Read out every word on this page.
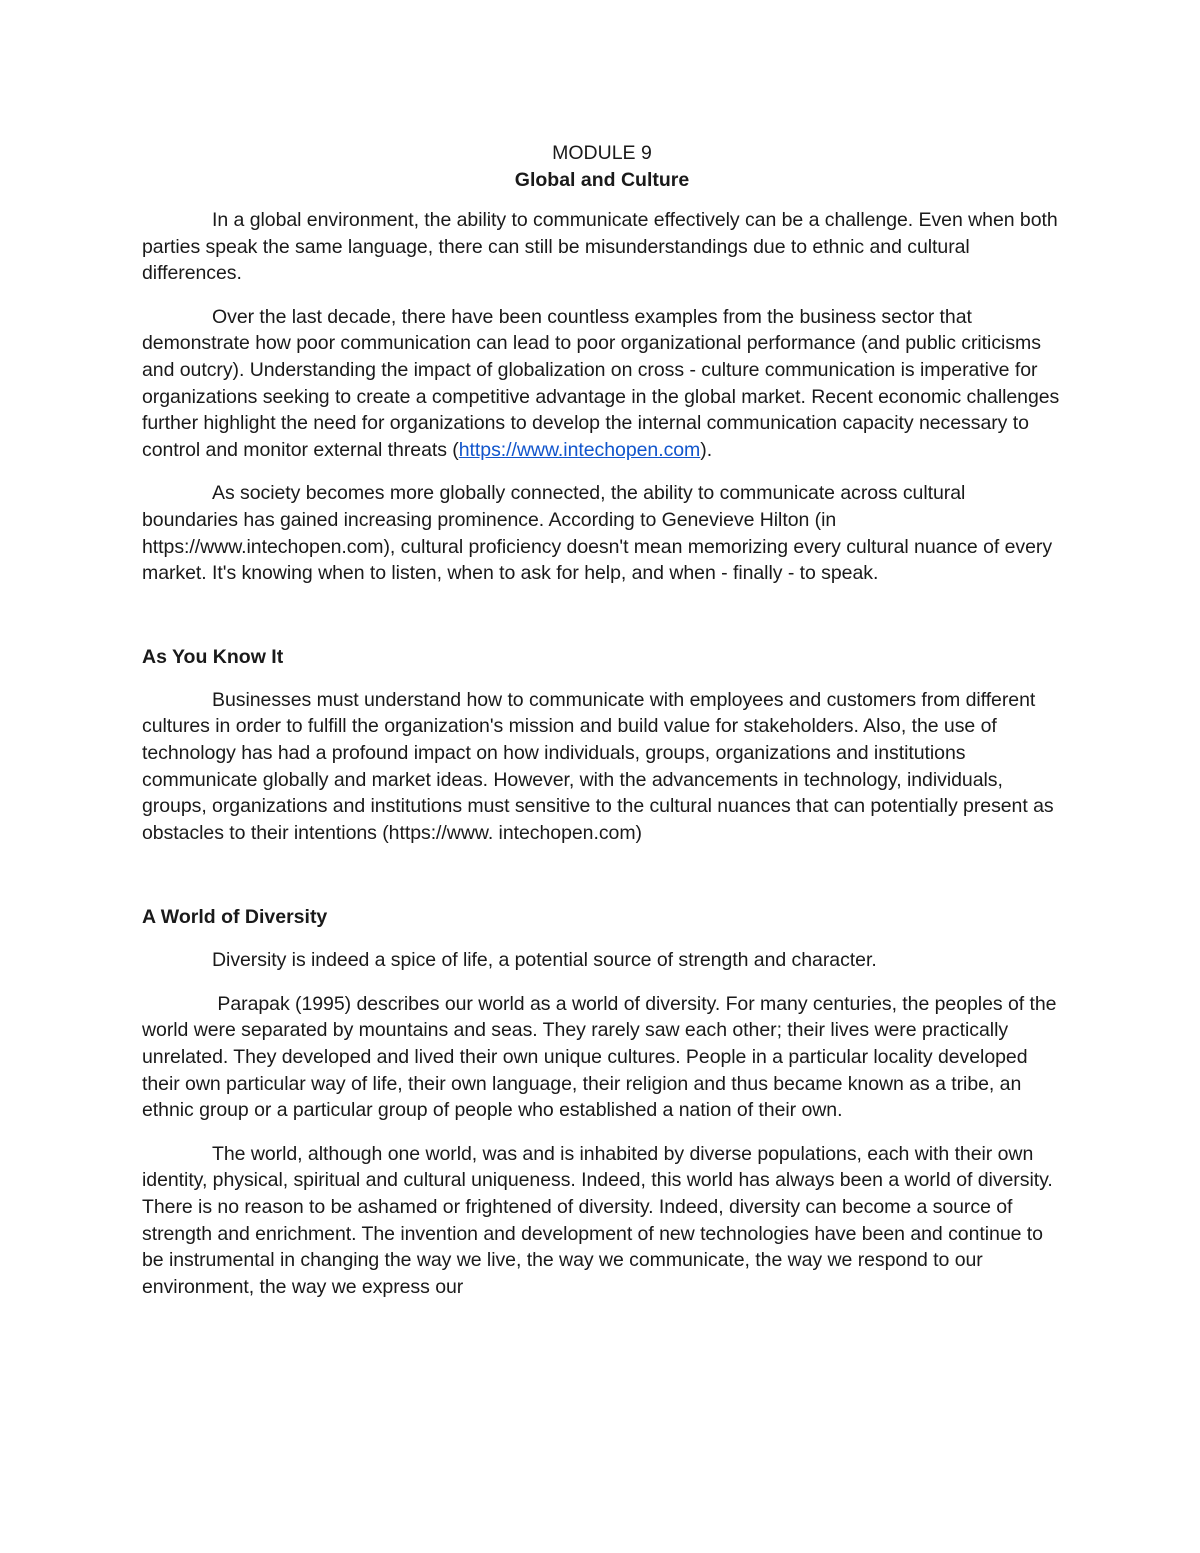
MODULE 9

Global and Culture

In a global environment, the ability to communicate effectively can be a challenge. Even when both parties speak the same language, there can still be misunderstandings due to ethnic and cultural differences.

Over the last decade, there have been countless examples from the business sector that demonstrate how poor communication can lead to poor organizational performance (and public criticisms and outcry). Understanding the impact of globalization on cross - culture communication is imperative for organizations seeking to create a competitive advantage in the global market. Recent economic challenges further highlight the need for organizations to develop the internal communication capacity necessary to control and monitor external threats (https://www.intechopen.com).

As society becomes more globally connected, the ability to communicate across cultural boundaries has gained increasing prominence. According to Genevieve Hilton (in https://www.intechopen.com), cultural proficiency doesn't mean memorizing every cultural nuance of every market. It's knowing when to listen, when to ask for help, and when - finally - to speak.

As You Know It

Businesses must understand how to communicate with employees and customers from different cultures in order to fulfill the organization's mission and build value for stakeholders. Also, the use of technology has had a profound impact on how individuals, groups, organizations and institutions communicate globally and market ideas. However, with the advancements in technology, individuals, groups, organizations and institutions must sensitive to the cultural nuances that can potentially present as obstacles to their intentions (https://www. intechopen.com)

A World of Diversity

Diversity is indeed a spice of life, a potential source of strength and character.

Parapak (1995) describes our world as a world of diversity. For many centuries, the peoples of the world were separated by mountains and seas. They rarely saw each other; their lives were practically unrelated. They developed and lived their own unique cultures. People in a particular locality developed their own particular way of life, their own language, their religion and thus became known as a tribe, an ethnic group or a particular group of people who established a nation of their own.

The world, although one world, was and is inhabited by diverse populations, each with their own identity, physical, spiritual and cultural uniqueness. Indeed, this world has always been a world of diversity. There is no reason to be ashamed or frightened of diversity. Indeed, diversity can become a source of strength and enrichment. The invention and development of new technologies have been and continue to be instrumental in changing the way we live, the way we communicate, the way we respond to our environment, the way we express our
